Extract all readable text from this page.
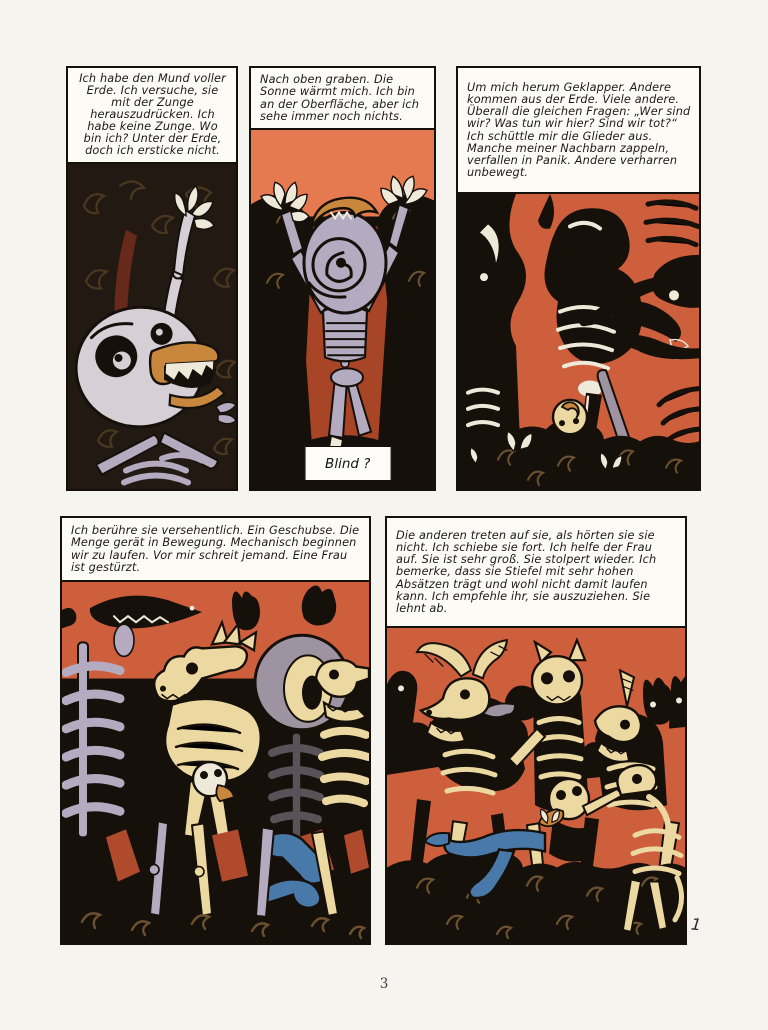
Ich habe den Mund voller Erde. Ich versuche, sie mit der Zunge herauszudrücken. Ich habe keine Zunge. Wo bin ich? Unter der Erde, doch ich ersticke nicht.
Nach oben graben. Die Sonne wärmt mich. Ich bin an der Oberfläche, aber ich sehe immer noch nichts.
Blind ?
Um mich herum Geklapper. Andere kommen aus der Erde. Viele andere. Überall die gleichen Fragen: „Wer sind wir? Was tun wir hier? Sind wir tot?“ Ich schüttle mir die Glieder aus. Manche meiner Nachbarn zappeln, verfallen in Panik. Andere verharren unbewegt.
Ich berühre sie versehentlich. Ein Geschubse. Die Menge gerät in Bewegung. Mechanisch beginnen wir zu laufen. Vor mir schreit jemand. Eine Frau ist gestürzt.
Die anderen treten auf sie, als hörten sie sie nicht. Ich schiebe sie fort. Ich helfe der Frau auf. Sie ist sehr groß. Sie stolpert wieder. Ich bemerke, dass sie Stiefel mit sehr hohen Absätzen trägt und wohl nicht damit laufen kann. Ich empfehle ihr, sie auszuziehen. Sie lehnt ab.
1
3
